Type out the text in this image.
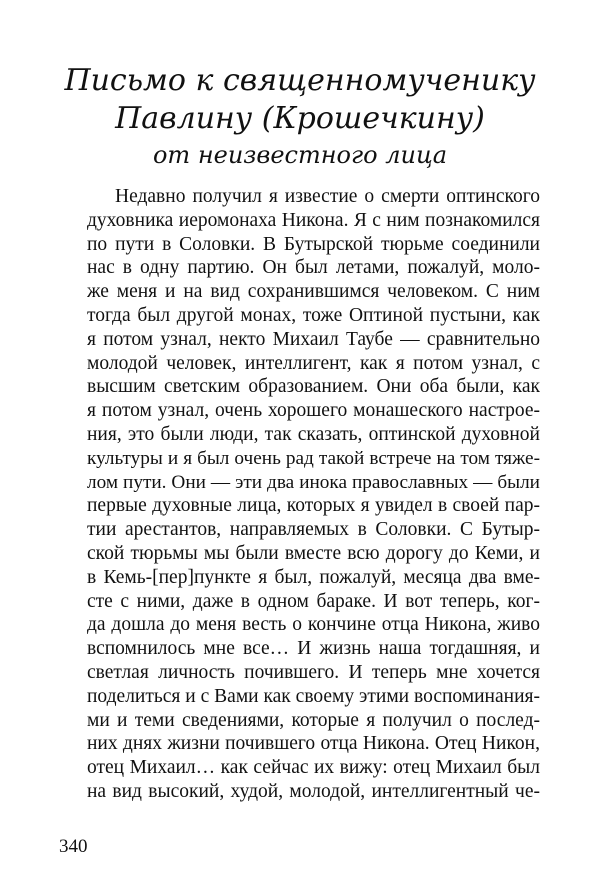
Письмо к священномученику
Павлину (Крошечкину)
от неизвестного лица
Недавно получил я известие о смерти оптинского
духовника иеромонаха Никона. Я с ним познакомился
по пути в Соловки. В Бутырской тюрьме соединили
нас в одну партию. Он был летами, пожалуй, моло-
же меня и на вид сохранившимся человеком. С ним
тогда был другой монах, тоже Оптиной пустыни, как
я потом узнал, некто Михаил Таубе — сравнительно
молодой человек, интеллигент, как я потом узнал, с
высшим светским образованием. Они оба были, как
я потом узнал, очень хорошего монашеского настрое-
ния, это были люди, так сказать, оптинской духовной
культуры и я был очень рад такой встрече на том тяже-
лом пути. Они — эти два инока православных — были
первые духовные лица, которых я увидел в своей пар-
тии арестантов, направляемых в Соловки. С Бутыр-
ской тюрьмы мы были вместе всю дорогу до Кеми, и
в Кемь-[пер]пункте я был, пожалуй, месяца два вме-
сте с ними, даже в одном бараке. И вот теперь, ког-
да дошла до меня весть о кончине отца Никона, живо
вспомнилось мне все… И жизнь наша тогдашняя, и
светлая личность почившего. И теперь мне хочется
поделиться и с Вами как своему этими воспоминания-
ми и теми сведениями, которые я получил о послед-
них днях жизни почившего отца Никона. Отец Никон,
отец Михаил… как сейчас их вижу: отец Михаил был
на вид высокий, худой, молодой, интеллигентный че-
340
